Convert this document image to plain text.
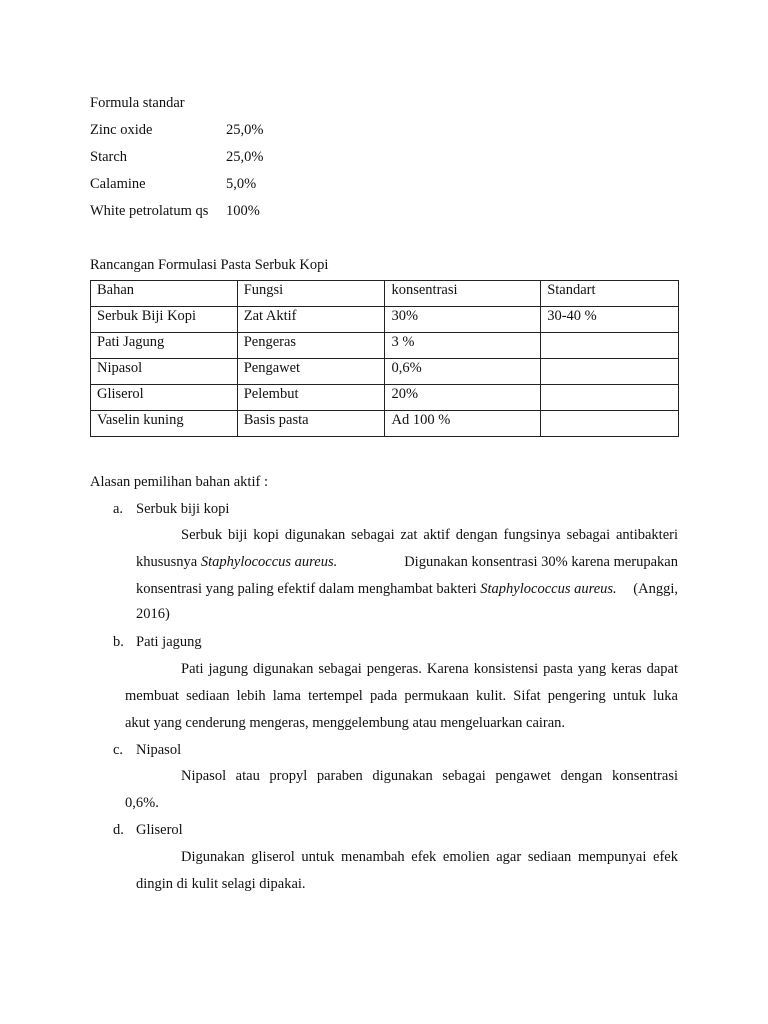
Formula standar
Zinc oxide	25,0%
Starch	25,0%
Calamine	5,0%
White petrolatum qs 100%
Rancangan Formulasi Pasta Serbuk Kopi
Bahan	Fungsi	konsentrasi	Standart
Serbuk Biji Kopi	Zat Aktif	30%	30-40 %
Pati Jagung	Pengeras	3 %	
Nipasol	Pengawet	0,6%	
Gliserol	Pelembut	20%	
Vaselin kuning	Basis pasta	Ad 100 %	
Alasan pemilihan bahan aktif :
a. Serbuk biji kopi
Serbuk biji kopi digunakan sebagai zat aktif dengan fungsinya sebagai antibakteri
khususnya Staphylococcus aureus.	Digunakan konsentrasi 30% karena merupakan
konsentrasi yang paling efektif dalam menghambat bakteri Staphylococcus aureus. (Anggi,
2016)
b. Pati jagung
Pati jagung digunakan sebagai pengeras. Karena konsistensi pasta yang keras dapat
membuat sediaan lebih lama tertempel pada permukaan kulit. Sifat pengering untuk luka
akut yang cenderung mengeras, menggelembung atau mengeluarkan cairan.
c. Nipasol
Nipasol atau propyl paraben digunakan sebagai pengawet dengan konsentrasi
0,6%.
d. Gliserol
Digunakan gliserol untuk menambah efek emolien agar sediaan mempunyai efek
dingin di kulit selagi dipakai.
